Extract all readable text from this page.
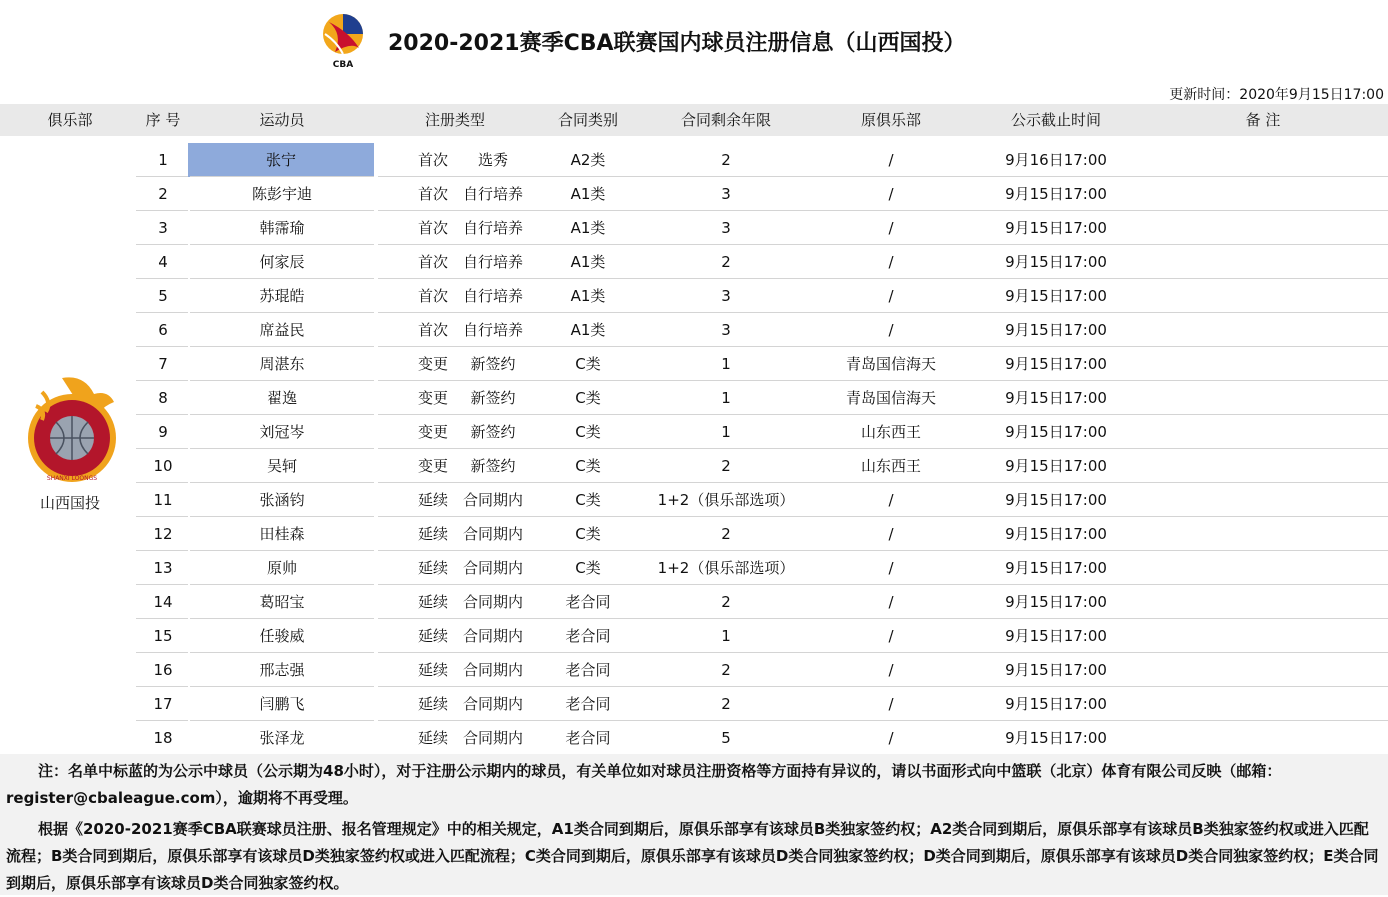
CBA
2020-2021赛季CBA联赛国内球员注册信息（山西国投）
更新时间：2020年9月15日17:00
俱乐部	序 号	运动员	注册类型	合同类别	合同剩余年限	原俱乐部	公示截止时间	备 注
SHANXI LOONGS
山西国投
1	张宁	首次	选秀	A2类	2	/	9月16日17:00
2	陈彭宇迪	首次 自行培养	A1类	3	/	9月15日17:00
3	韩霈瑜	首次 自行培养	A1类	3	/	9月15日17:00
4	何家辰	首次 自行培养	A1类	2	/	9月15日17:00
5	苏琨皓	首次 自行培养	A1类	3	/	9月15日17:00
6	席益民	首次 自行培养	A1类	3	/	9月15日17:00
7	周湛东	变更	新签约	C类	1	青岛国信海天	9月15日17:00
8	翟逸	变更	新签约	C类	1	青岛国信海天	9月15日17:00
9	刘冠岑	变更	新签约	C类	1	山东西王	9月15日17:00
10	吴轲	变更	新签约	C类	2	山东西王	9月15日17:00
11	张涵钧	延续 合同期内	C类	1+2（俱乐部选项）	/	9月15日17:00
12	田桂森	延续 合同期内	C类	2	/	9月15日17:00
13	原帅	延续 合同期内	C类	1+2（俱乐部选项）	/	9月15日17:00
14	葛昭宝	延续 合同期内	老合同	2	/	9月15日17:00
15	任骏威	延续 合同期内	老合同	1	/	9月15日17:00
16	邢志强	延续 合同期内	老合同	2	/	9月15日17:00
17	闫鹏飞	延续 合同期内	老合同	2	/	9月15日17:00
18	张泽龙	延续 合同期内	老合同	5	/	9月15日17:00
注：名单中标蓝的为公示中球员（公示期为48小时），对于注册公示期内的球员，有关单位如对球员注册资格等方面持有异议的，请以书面形式向中篮联（北京）体育有限公司反映（邮箱：register@cbaleague.com），逾期将不再受理。
根据《2020-2021赛季CBA联赛球员注册、报名管理规定》中的相关规定，A1类合同到期后，原俱乐部享有该球员B类独家签约权；A2类合同到期后，原俱乐部享有该球员B类独家签约权或进入匹配流程；B类合同到期后，原俱乐部享有该球员D类独家签约权或进入匹配流程；C类合同到期后，原俱乐部享有该球员D类合同独家签约权；D类合同到期后，原俱乐部享有该球员D类合同独家签约权；E类合同到期后，原俱乐部享有该球员D类合同独家签约权。
